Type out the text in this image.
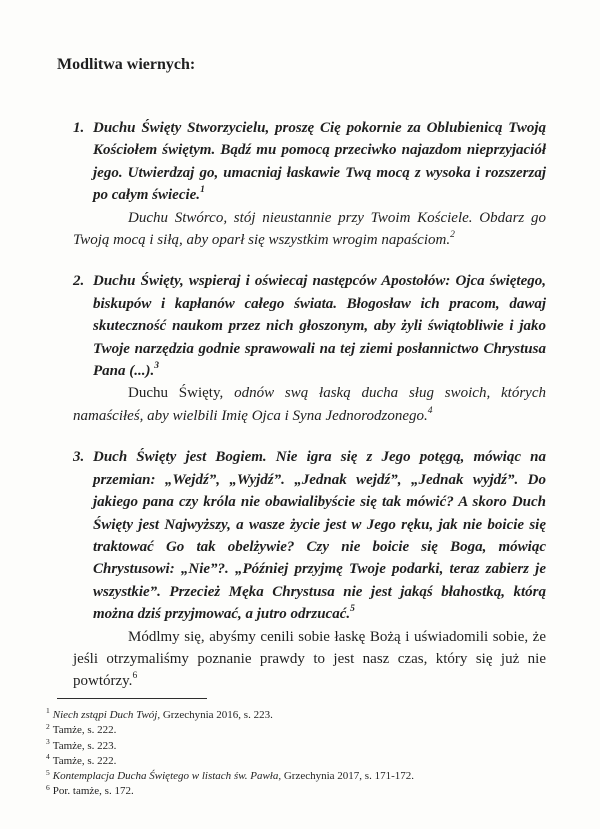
Modlitwa wiernych:
1. Duchu Święty Stworzycielu, proszę Cię pokornie za Oblubienicą Twoją Kościołem świętym. Bądź mu pomocą przeciwko najazdom nieprzyjaciół jego. Utwierdzaj go, umacniaj łaskawie Twą mocą z wysoka i rozszerzaj po całym świecie.$^1$
Duchu Stwórco, stój nieustannie przy Twoim Kościele. Obdarz go Twoją mocą i siłą, aby oparł się wszystkim wrogim napaściom.$^2$
2. Duchu Święty, wspieraj i oświecaj następców Apostołów: Ojca świętego, biskupów i kapłanów całego świata. Błogosław ich pracom, dawaj skuteczność naukom przez nich głoszonym, aby żyli świątobliwie i jako Twoje narzędzia godnie sprawowali na tej ziemi posłannictwo Chrystusa Pana (...).$^3$
Duchu Święty, odnów swą łaską ducha sług swoich, których namaściłeś, aby wielbili Imię Ojca i Syna Jednorodzonego.$^4$
3. Duch Święty jest Bogiem. Nie igra się z Jego potęgą, mówiąc na przemian: „Wejdź”, „Wyjdź”. „Jednak wejdź”, „Jednak wyjdź”. Do jakiego pana czy króla nie obawialibyście się tak mówić? A skoro Duch Święty jest Najwyższy, a wasze życie jest w Jego ręku, jak nie boicie się traktować Go tak obelżywie? Czy nie boicie się Boga, mówiąc Chrystusowi: „Nie”?. „Później przyjmę Twoje podarki, teraz zabierz je wszystkie”. Przecież Męka Chrystusa nie jest jakąś błahostką, którą można dziś przyjmować, a jutro odrzucać.$^5$
Módlmy się, abyśmy cenili sobie łaskę Bożą i uświadomili sobie, że jeśli otrzymaliśmy poznanie prawdy to jest nasz czas, który się już nie powtórzy.$^6$
$^1$ Niech zstąpi Duch Twój, Grzechynia 2016, s. 223.
$^2$ Tamże, s. 222.
$^3$ Tamże, s. 223.
$^4$ Tamże, s. 222.
$^5$ Kontemplacja Ducha Świętego w listach św. Pawła, Grzechynia 2017, s. 171-172.
$^6$ Por. tamże, s. 172.
